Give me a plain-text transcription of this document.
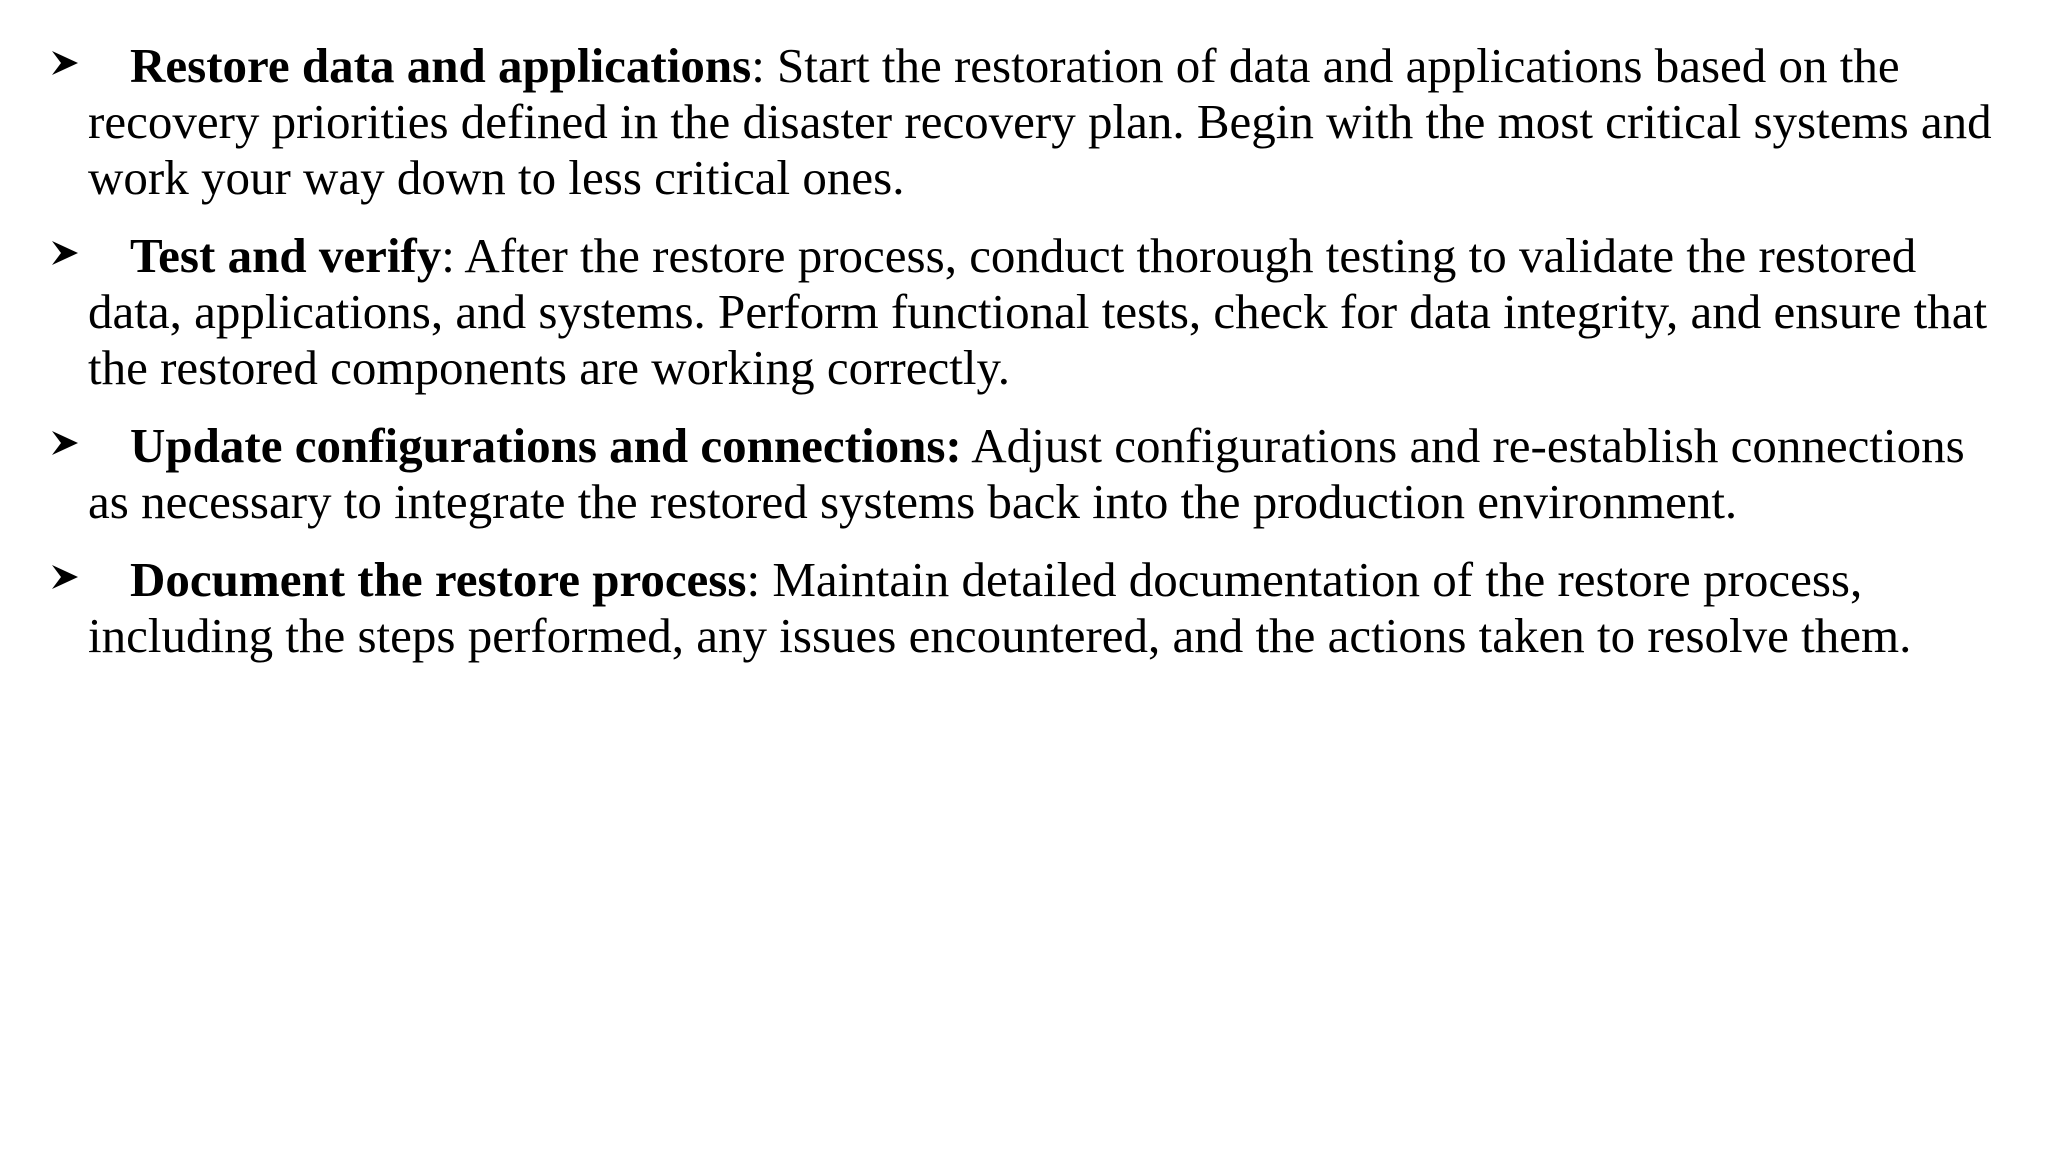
Restore data and applications: Start the restoration of data and applications based on the recovery priorities defined in the disaster recovery plan. Begin with the most critical systems and work your way down to less critical ones.
Test and verify: After the restore process, conduct thorough testing to validate the restored data, applications, and systems. Perform functional tests, check for data integrity, and ensure that the restored components are working correctly.
Update configurations and connections: Adjust configurations and re-establish connections as necessary to integrate the restored systems back into the production environment.
Document the restore process: Maintain detailed documentation of the restore process, including the steps performed, any issues encountered, and the actions taken to resolve them.
